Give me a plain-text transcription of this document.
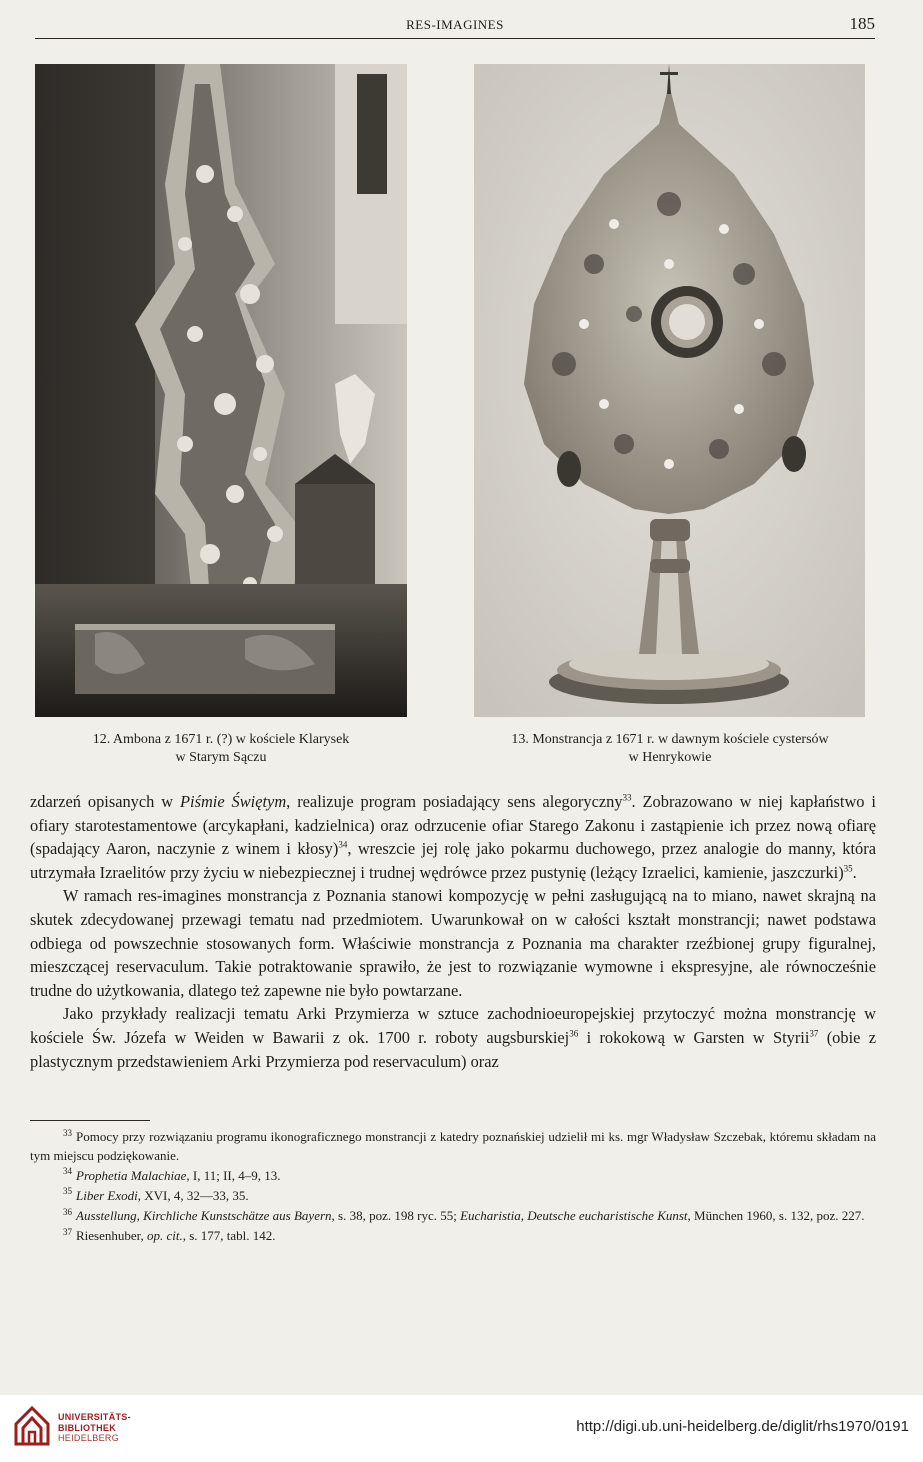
RES-IMAGINES	185
12. Ambona z 1671 r. (?) w kościele Klarysek
w Starym Sączu
13. Monstrancja z 1671 r. w dawnym kościele cystersów
w Henrykowie

zdarzeń opisanych w Piśmie Świętym, realizuje program posiadający sens alegoryczny$^{33}$. Zobrazowano w niej kapłaństwo i ofiary starotestamentowe (arcykapłani, kadzielnica) oraz odrzucenie ofiar Starego Zakonu i zastąpienie ich przez nową ofiarę (spadający Aaron, naczynie z winem i kłosy)$^{34}$, wreszcie jej rolę jako pokarmu duchowego, przez analogie do manny, która utrzymała Izraelitów przy życiu w niebezpiecznej i trudnej wędrówce przez pustynię (leżący Izraelici, kamienie, jaszczurki)$^{35}$.

W ramach res-imagines monstrancja z Poznania stanowi kompozycję w pełni zasługującą na to miano, nawet skrajną na skutek zdecydowanej przewagi tematu nad przedmiotem. Uwarunkował on w całości kształt monstrancji; nawet podstawa odbiega od powszechnie stosowanych form. Właściwie monstrancja z Poznania ma charakter rzeźbionej grupy figuralnej, mieszczącej reservaculum. Takie potraktowanie sprawiło, że jest to rozwiązanie wymowne i ekspresyjne, ale równocześnie trudne do użytkowania, dlatego też zapewne nie było powtarzane.

Jako przykłady realizacji tematu Arki Przymierza w sztuce zachodnioeuropejskiej przytoczyć można monstrancję w kościele Św. Józefa w Weiden w Bawarii z ok. 1700 r. roboty augsburskiej$^{36}$ i rokokową w Garsten w Styrii$^{37}$ (obie z plastycznym przedstawieniem Arki Przymierza pod reservaculum) oraz

$^{33}$ Pomocy przy rozwiązaniu programu ikonograficznego monstrancji z katedry poznańskiej udzielił mi ks. mgr Władysław Szczebak, któremu składam na tym miejscu podziękowanie.

$^{34}$ Prophetia Malachiae, I, 11; II, 4–9, 13.

$^{35}$ Liber Exodi, XVI, 4, 32—33, 35.

$^{36}$ Ausstellung, Kirchliche Kunstschätze aus Bayern, s. 38, poz. 198 ryc. 55; Eucharistia, Deutsche eucharistische Kunst, München 1960, s. 132, poz. 227.

$^{37}$ Riesenhuber, op. cit., s. 177, tabl. 142.

UNIVERSITÄTS-
BIBLIOTHEK
HEIDELBERG
http://digi.ub.uni-heidelberg.de/diglit/rhs1970/0191
